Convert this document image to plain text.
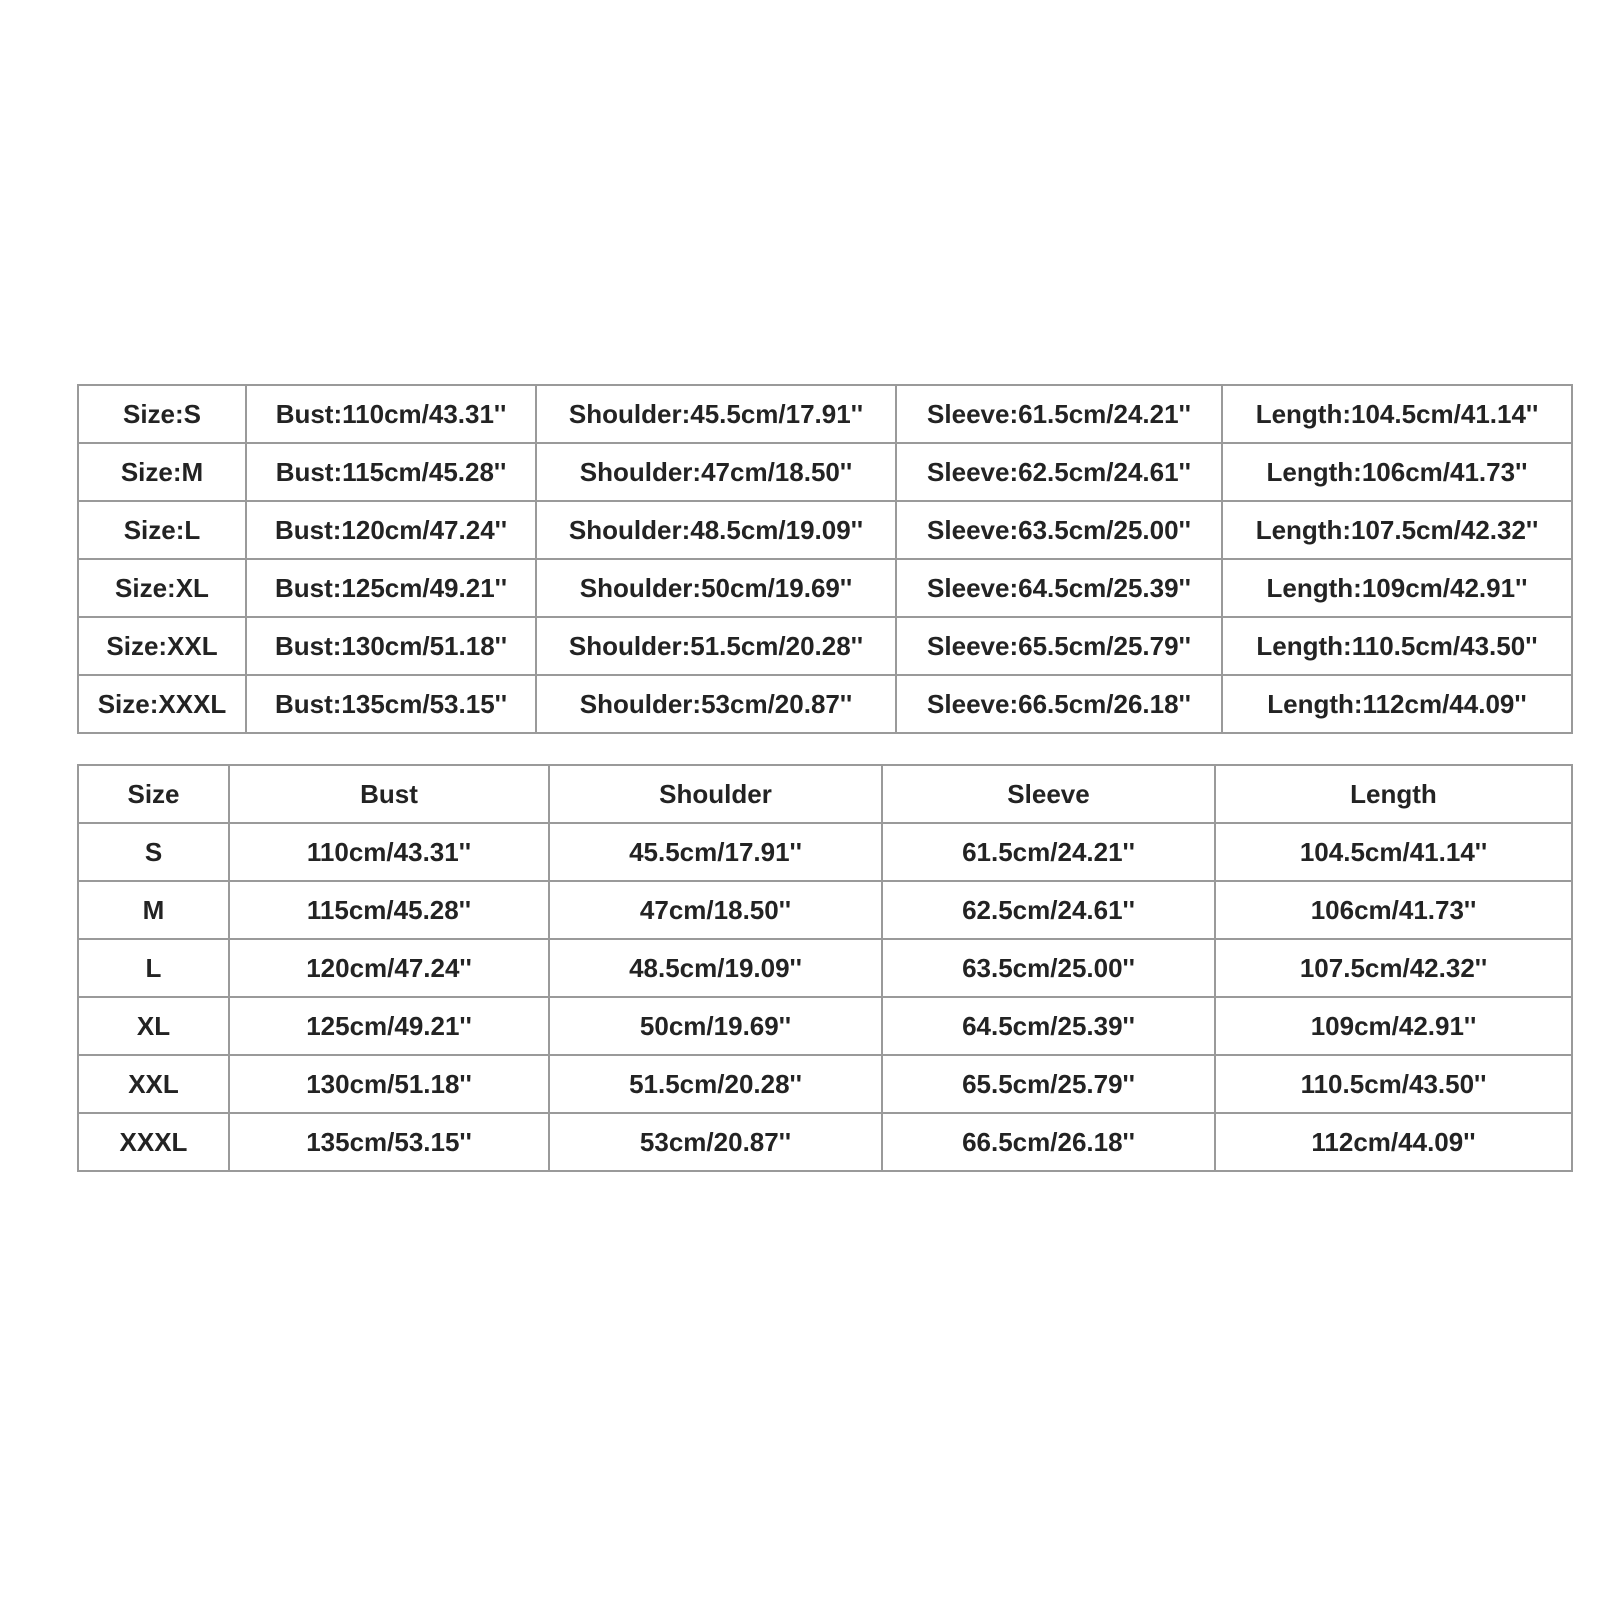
Size:S	Bust:110cm/43.31''	Shoulder:45.5cm/17.91''	Sleeve:61.5cm/24.21''	Length:104.5cm/41.14''
Size:M	Bust:115cm/45.28''	Shoulder:47cm/18.50''	Sleeve:62.5cm/24.61''	Length:106cm/41.73''
Size:L	Bust:120cm/47.24''	Shoulder:48.5cm/19.09''	Sleeve:63.5cm/25.00''	Length:107.5cm/42.32''
Size:XL	Bust:125cm/49.21''	Shoulder:50cm/19.69''	Sleeve:64.5cm/25.39''	Length:109cm/42.91''
Size:XXL	Bust:130cm/51.18''	Shoulder:51.5cm/20.28''	Sleeve:65.5cm/25.79''	Length:110.5cm/43.50''
Size:XXXL	Bust:135cm/53.15''	Shoulder:53cm/20.87''	Sleeve:66.5cm/26.18''	Length:112cm/44.09''
Size	Bust	Shoulder	Sleeve	Length
S	110cm/43.31''	45.5cm/17.91''	61.5cm/24.21''	104.5cm/41.14''
M	115cm/45.28''	47cm/18.50''	62.5cm/24.61''	106cm/41.73''
L	120cm/47.24''	48.5cm/19.09''	63.5cm/25.00''	107.5cm/42.32''
XL	125cm/49.21''	50cm/19.69''	64.5cm/25.39''	109cm/42.91''
XXL	130cm/51.18''	51.5cm/20.28''	65.5cm/25.79''	110.5cm/43.50''
XXXL	135cm/53.15''	53cm/20.87''	66.5cm/26.18''	112cm/44.09''
